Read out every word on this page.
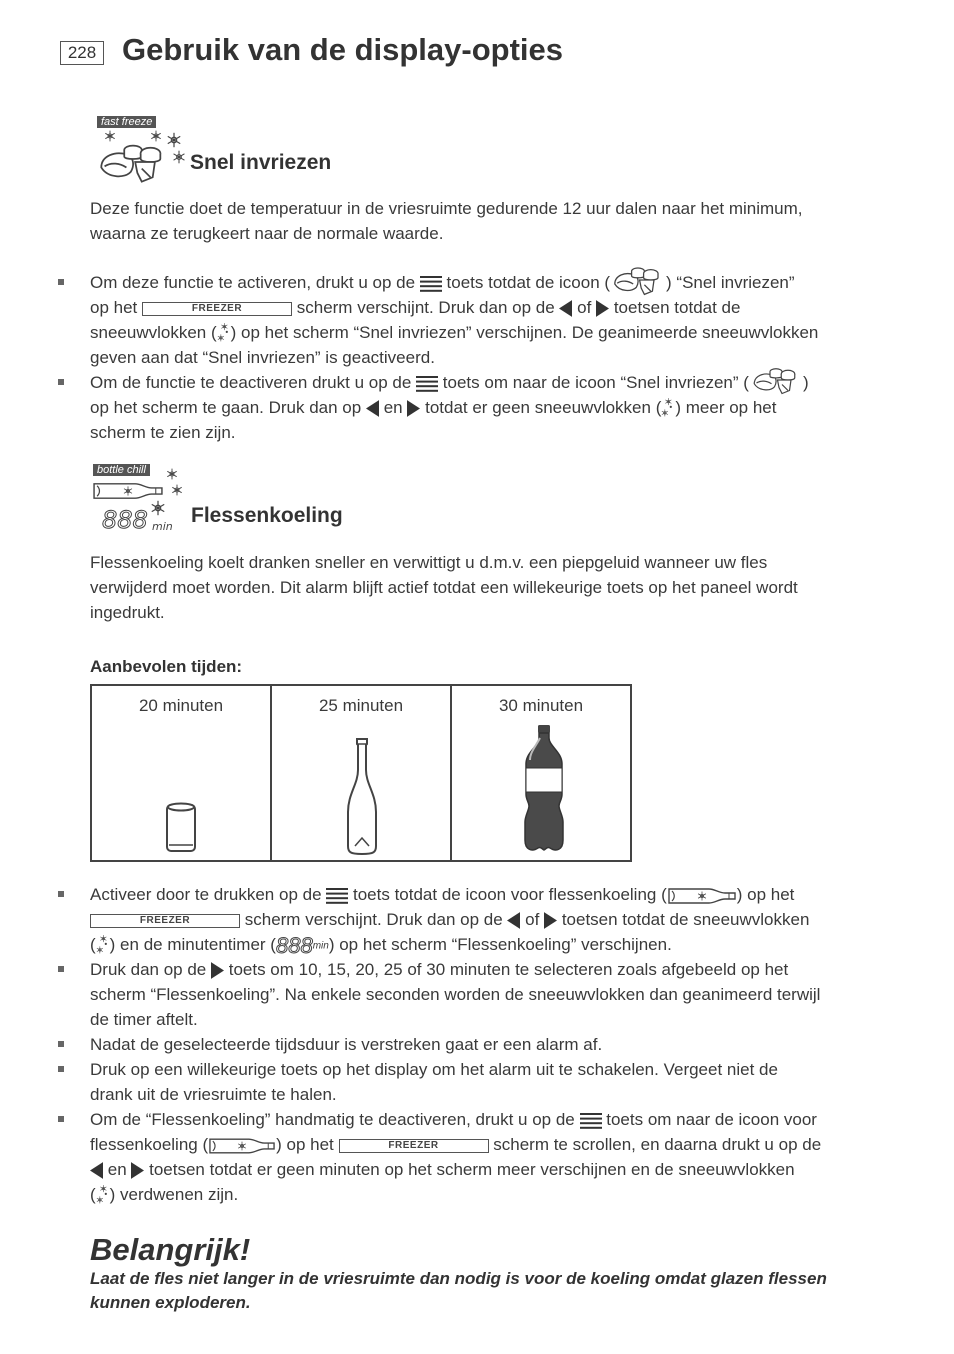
228 Gebruik van de display-opties
fast freeze
Snel invriezen
Deze functie doet de temperatuur in de vriesruimte gedurende 12 uur dalen naar het minimum,
waarna ze terugkeert naar de normale waarde.
Om deze functie te activeren, drukt u op de toets totdat de icoon (	) “Snel invriezen”
op het	FREEZER	scherm verschijnt. Druk dan op de of toetsen totdat de
sneeuwvlokken ( ) op het scherm “Snel invriezen” verschijnen. De geanimeerde sneeuwvlokken
geven aan dat “Snel invriezen” is geactiveerd.
Om de functie te deactiveren drukt u op de toets om naar de icoon “Snel invriezen” (	)
op het scherm te gaan. Druk dan op en totdat er geen sneeuwvlokken ( ) meer op het
scherm te zien zijn.
bottle chill
888 min Flessenkoeling
Flessenkoeling koelt dranken sneller en verwittigt u d.m.v. een piepgeluid wanneer uw fles
verwijderd moet worden. Dit alarm blijft actief totdat een willekeurige toets op het paneel wordt
ingedrukt.
Aanbevolen tijden:
20 minuten	25 minuten	30 minuten
Activeer door te drukken op de toets totdat de icoon voor flessenkoeling (	) op het
FREEZER	scherm verschijnt. Druk dan op de of toetsen totdat de sneeuwvlokken
( ) en de minutentimer (888min) op het scherm “Flessenkoeling” verschijnen.
Druk dan op de toets om 10, 15, 20, 25 of 30 minuten te selecteren zoals afgebeeld op het
scherm “Flessenkoeling”. Na enkele seconden worden de sneeuwvlokken dan geanimeerd terwijl
de timer aftelt.
Nadat de geselecteerde tijdsduur is verstreken gaat er een alarm af.
Druk op een willekeurige toets op het display om het alarm uit te schakelen. Vergeet niet de
drank uit de vriesruimte te halen.
Om de “Flessenkoeling” handmatig te deactiveren, drukt u op de toets om naar de icoon voor
flessenkoeling (	) op het	FREEZER	scherm te scrollen, en daarna drukt u op de
en toetsen totdat er geen minuten op het scherm meer verschijnen en de sneeuwvlokken
( ) verdwenen zijn.
Belangrijk!
Laat de fles niet langer in de vriesruimte dan nodig is voor de koeling omdat glazen flessen
kunnen exploderen.
